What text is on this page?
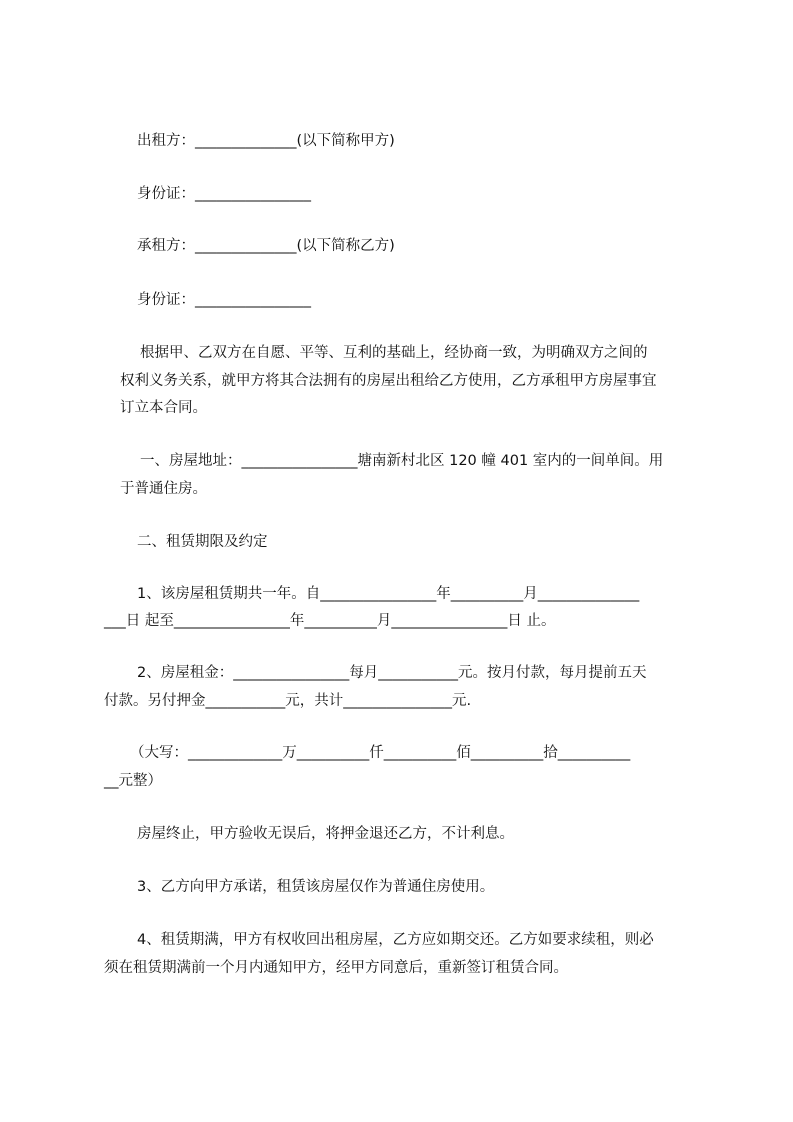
出租方：______________(以下简称甲方)
身份证：________________
承租方：______________(以下简称乙方)
身份证：________________
根据甲、乙双方在自愿、平等、互利的基础上，经协商一致，为明确双方之间的
权利义务关系，就甲方将其合法拥有的房屋出租给乙方使用，乙方承租甲方房屋事宜
订立本合同。
一、房屋地址：________________塘南新村北区 120 幢 401 室内的一间单间。用
于普通住房。
二、租赁期限及约定
1、该房屋租赁期共一年。自________________年__________月______________
___日 起至________________年__________月________________日 止。
2、房屋租金：________________每月___________元。按月付款，每月提前五天
付款。另付押金___________元，共计_______________元.
（大写：_____________万__________仟__________佰__________拾__________
__元整）
房屋终止，甲方验收无误后，将押金退还乙方，不计利息。
3、乙方向甲方承诺，租赁该房屋仅作为普通住房使用。
4、租赁期满，甲方有权收回出租房屋，乙方应如期交还。乙方如要求续租，则必
须在租赁期满前一个月内通知甲方，经甲方同意后，重新签订租赁合同。
